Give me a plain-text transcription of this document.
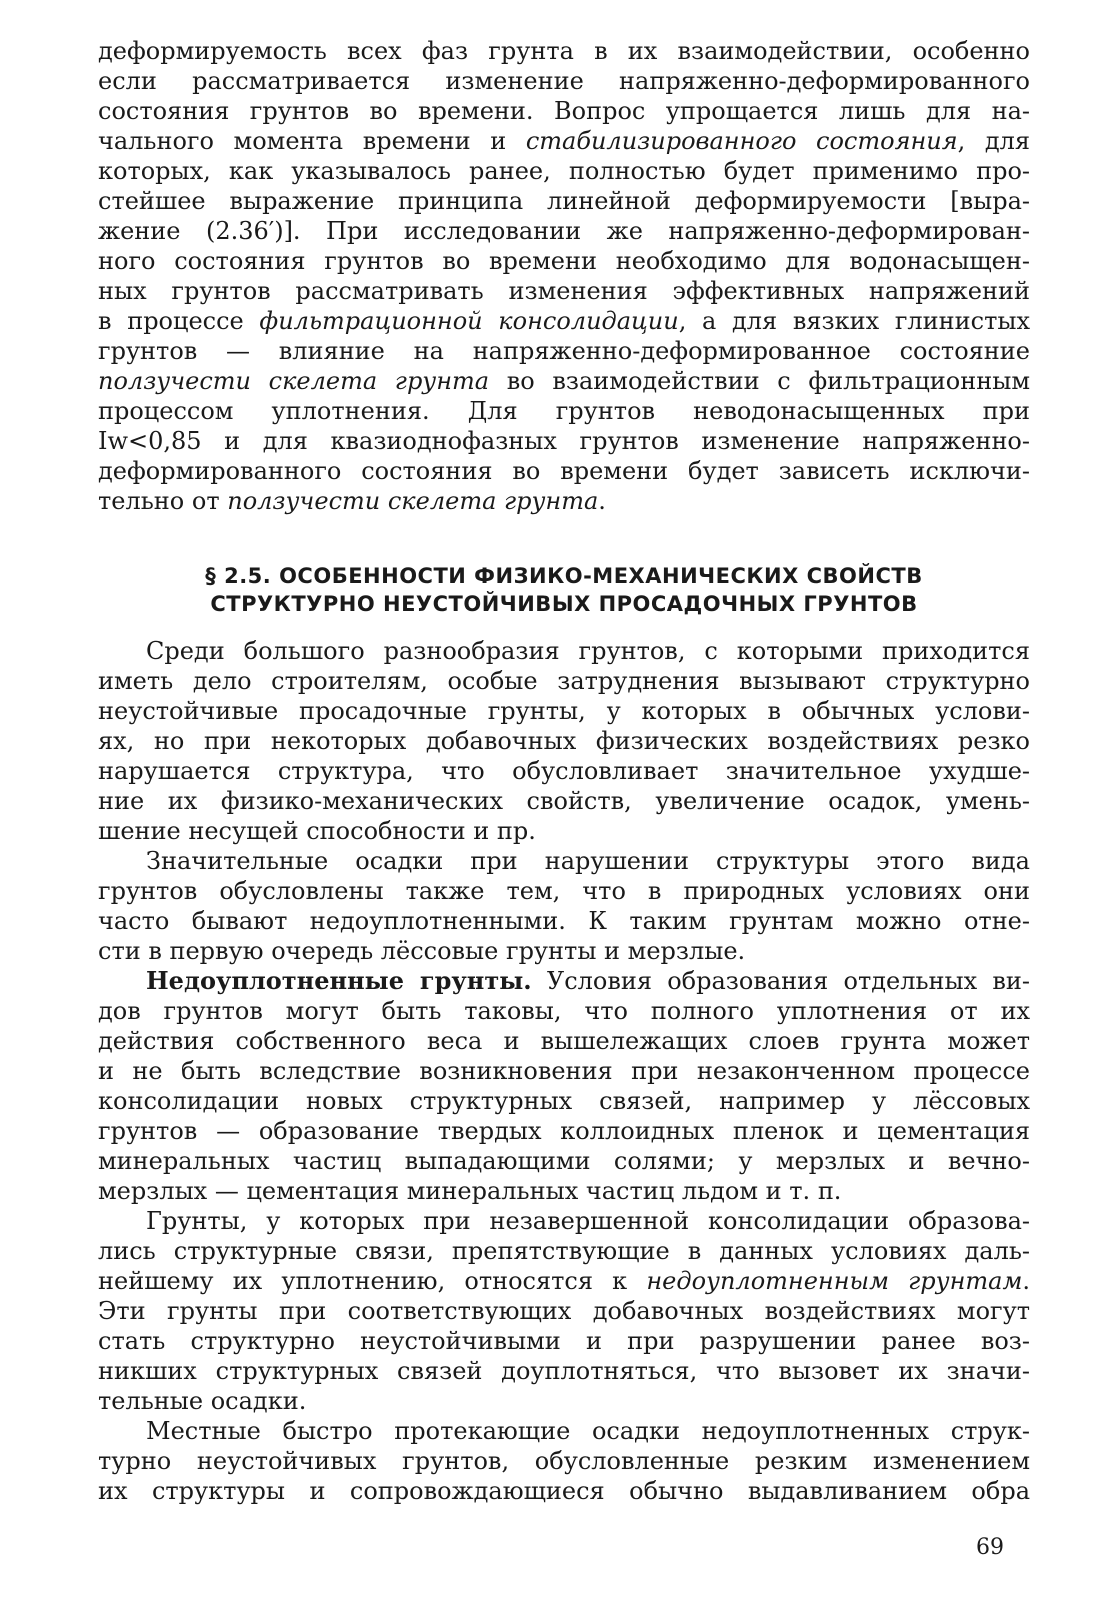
деформируемость всех фаз грунта в их взаимодействии, особенно
если рассматривается изменение напряженно-деформированного
состояния грунтов во времени. Вопрос упрощается лишь для на-
чального момента времени и стабилизированного состояния, для
которых, как указывалось ранее, полностью будет применимо про-
стейшее выражение принципа линейной деформируемости [выра-
жение (2.36′)]. При исследовании же напряженно-деформирован-
ного состояния грунтов во времени необходимо для водонасыщен-
ных грунтов рассматривать изменения эффективных напряжений
в процессе фильтрационной консолидации, а для вязких глинистых
грунтов — влияние на напряженно-деформированное состояние
ползучести скелета грунта во взаимодействии с фильтрационным
процессом уплотнения. Для грунтов неводонасыщенных при
Iw<0,85 и для квазиоднофазных грунтов изменение напряженно-
деформированного состояния во времени будет зависеть исключи-
тельно от ползучести скелета грунта.
§ 2.5. ОСОБЕННОСТИ ФИЗИКО-МЕХАНИЧЕСКИХ СВОЙСТВ
СТРУКТУРНО НЕУСТОЙЧИВЫХ ПРОСАДОЧНЫХ ГРУНТОВ
Среди большого разнообразия грунтов, с которыми приходится
иметь дело строителям, особые затруднения вызывают структурно
неустойчивые просадочные грунты, у которых в обычных услови-
ях, но при некоторых добавочных физических воздействиях резко
нарушается структура, что обусловливает значительное ухудше-
ние их физико-механических свойств, увеличение осадок, умень-
шение несущей способности и пр.
Значительные осадки при нарушении структуры этого вида
грунтов обусловлены также тем, что в природных условиях они
часто бывают недоуплотненными. К таким грунтам можно отне-
сти в первую очередь лёссовые грунты и мерзлые.
Недоуплотненные грунты. Условия образования отдельных ви-
дов грунтов могут быть таковы, что полного уплотнения от их
действия собственного веса и вышележащих слоев грунта может
и не быть вследствие возникновения при незаконченном процессе
консолидации новых структурных связей, например у лёссовых
грунтов — образование твердых коллоидных пленок и цементация
минеральных частиц выпадающими солями; у мерзлых и вечно-
мерзлых — цементация минеральных частиц льдом и т. п.
Грунты, у которых при незавершенной консолидации образова-
лись структурные связи, препятствующие в данных условиях даль-
нейшему их уплотнению, относятся к недоуплотненным грунтам.
Эти грунты при соответствующих добавочных воздействиях могут
стать структурно неустойчивыми и при разрушении ранее воз-
никших структурных связей доуплотняться, что вызовет их значи-
тельные осадки.
Местные быстро протекающие осадки недоуплотненных струк-
турно неустойчивых грунтов, обусловленные резким изменением
их структуры и сопровождающиеся обычно выдавливанием обра
69
